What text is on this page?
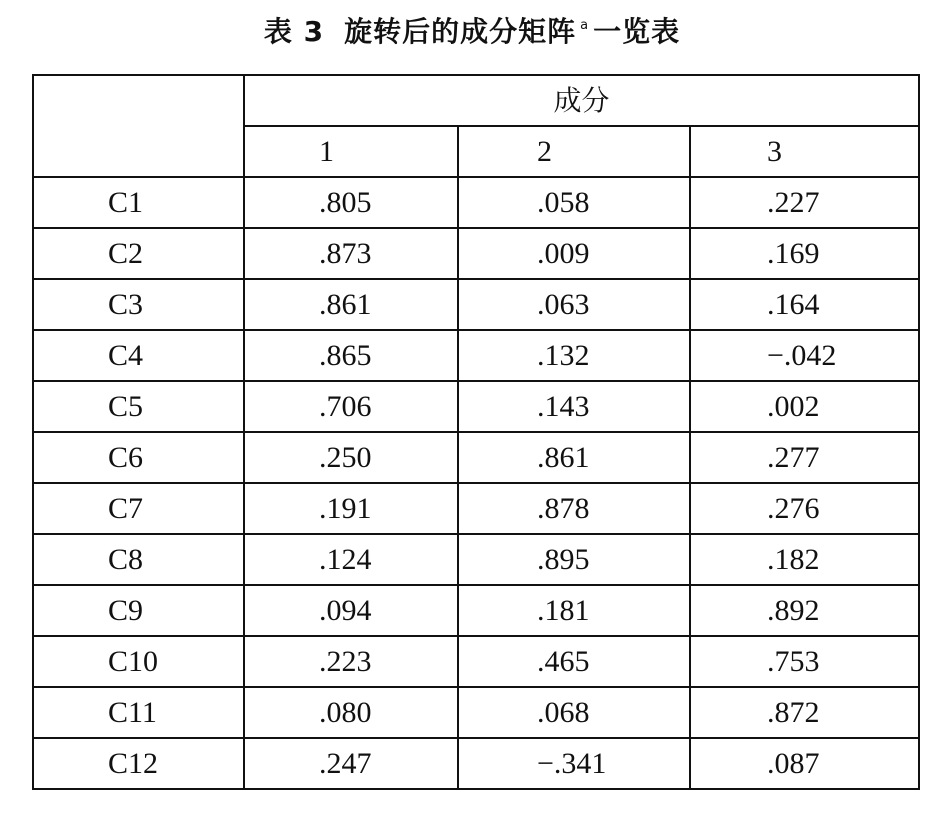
表 3 旋转后的成分矩阵 $^a$ 一览表
	成分		
	1	2	3
C1	.805	.058	.227
C2	.873	.009	.169
C3	.861	.063	.164
C4	.865	.132	−.042
C5	.706	.143	.002
C6	.250	.861	.277
C7	.191	.878	.276
C8	.124	.895	.182
C9	.094	.181	.892
C10	.223	.465	.753
C11	.080	.068	.872
C12	.247	−.341	.087
